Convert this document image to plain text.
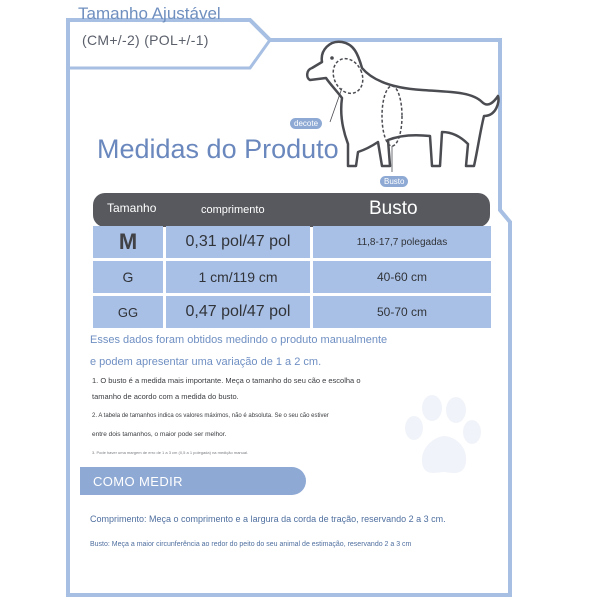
Tamanho Ajustável
(CM+/-2) (POL+/-1)
decote
Busto
Medidas do Produto
Tamanho	comprimento	Busto
M	0,31 pol/47 pol	11,8-17,7 polegadas
G	1 cm/119 cm	40-60 cm
GG	0,47 pol/47 pol	50-70 cm
Esses dados foram obtidos medindo o produto manualmente
e podem apresentar uma variação de 1 a 2 cm.
1. O busto é a medida mais importante. Meça o tamanho do seu cão e escolha o
tamanho de acordo com a medida do busto.
2. A tabela de tamanhos indica os valores máximos, não é absoluta. Se o seu cão estiver
entre dois tamanhos, o maior pode ser melhor.
3. Pode haver uma margem de erro de 1 a 3 cm (0,5 a 1 polegada) na medição manual.
COMO MEDIR
Comprimento: Meça o comprimento e a largura da corda de tração, reservando 2 a 3 cm.
Busto: Meça a maior circunferência ao redor do peito do seu animal de estimação, reservando 2 a 3 cm
